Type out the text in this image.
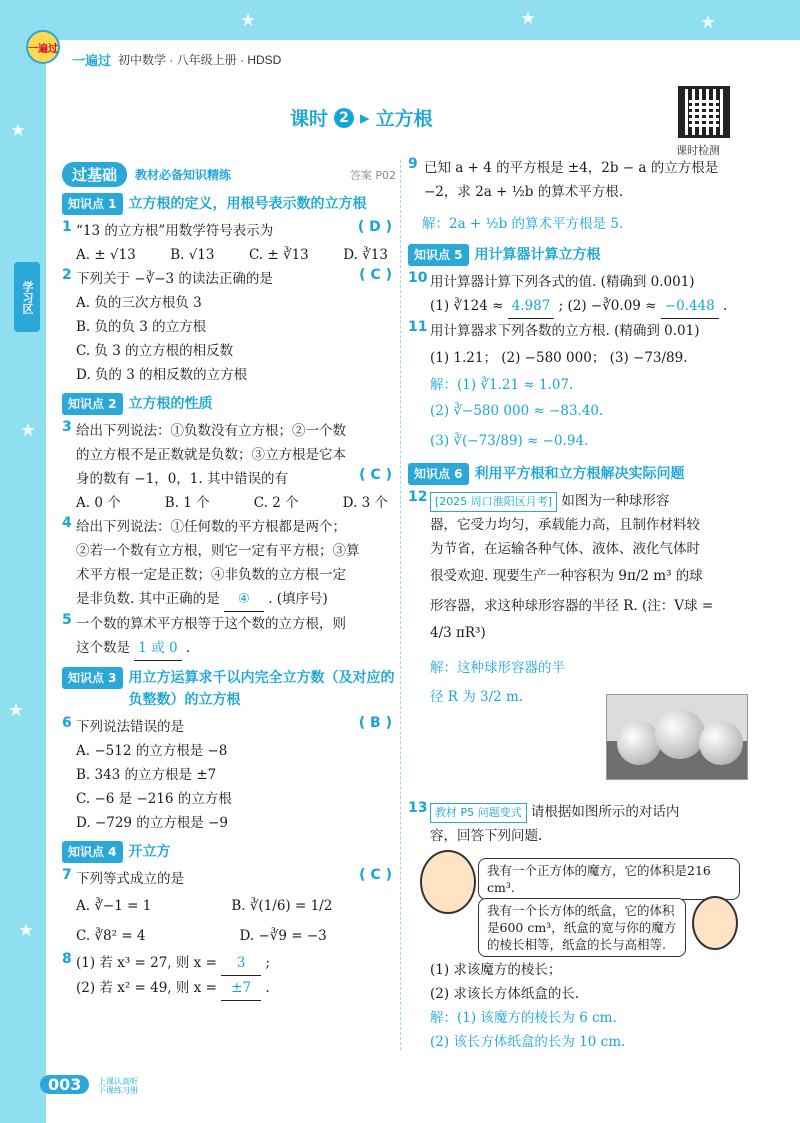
★
★
★
★
★	★	★
一遍过
一遍过 初中数学 · 八年级上册 · HDSD
学习区
课时 2 ▸ 立方根
课时检测
过基础	教材必备知识精练	答案 P02
知识点 1 立方根的定义，用根号表示数的立方根
1 “13 的立方根”用数学符号表示为	( D )
A. ± √13	B. √13	C. ± ∛13	D. ∛13
2 下列关于 −∛−3 的读法正确的是	( C )
A. 负的三次方根负 3
B. 负的负 3 的立方根
C. 负 3 的立方根的相反数
D. 负的 3 的相反数的立方根
知识点 2 立方根的性质
3 给出下列说法：①负数没有立方根；②一个数
的立方根不是正数就是负数；③立方根是它本
身的数有 −1，0，1. 其中错误的有	( C )
A. 0 个	B. 1 个	C. 2 个	D. 3 个
4 给出下列说法：①任何数的平方根都是两个；
②若一个数有立方根，则它一定有平方根；③算
术平方根一定是正数；④非负数的立方根一定
是非负数. 其中正确的是 ④ . (填序号)
5 一个数的算术平方根等于这个数的立方根，则
这个数是 1 或 0 .
知识点 3 用立方运算求千以内完全立方数（及对应的负整数）的立方根
6 下列说法错误的是	( B )
A. −512 的立方根是 −8
B. 343 的立方根是 ±7
C. −6 是 −216 的立方根
D. −729 的立方根是 −9
知识点 4 开立方
7 下列等式成立的是	( C )
A. ∛−1 = 1	B. ∛(1/6) = 1/2
C. ∛8² = 4	D. −∛9 = −3
8 (1) 若 x³ = 27, 则 x = 3 ;
(2) 若 x² = 49, 则 x = ±7 .
9 已知 a + 4 的平方根是 ±4，2b − a 的立方根是
−2，求 2a + ½b 的算术平方根.
解：2a + ½b 的算术平方根是 5.
知识点 5 用计算器计算立方根
10 用计算器计算下列各式的值. (精确到 0.001)
(1) ∛124 ≈ 4.987 ; (2) −∛0.09 ≈ −0.448 .
11 用计算器求下列各数的立方根. (精确到 0.01)
(1) 1.21； (2) −580 000； (3) −73/89.
解：(1) ∛1.21 ≈ 1.07.
(2) ∛−580 000 ≈ −83.40.
(3) ∛(−73/89) ≈ −0.94.
知识点 6 利用平方根和立方根解决实际问题
12 [2025 周口淮阳区月考] 如图为一种球形容
器，它受力均匀，承载能力高，且制作材料较
为节省，在运输各种气体、液体、液化气体时
很受欢迎. 现要生产一种容积为 9π/2 m³ 的球
形容器，求这种球形容器的半径 R. (注：V球 =
4/3 πR³)
解：这种球形容器的半
径 R 为 3/2 m.
13 教材 P5 问题变式 请根据如图所示的对话内
容，回答下列问题.
我有一个正方体的魔方，它的体积是216 cm³.
我有一个长方体的纸盒，它的体积是600 cm³，纸盒的宽与你的魔方的棱长相等，纸盒的长与高相等.
(1) 求该魔方的棱长；
(2) 求该长方体纸盒的长.
解：(1) 该魔方的棱长为 6 cm.
(2) 该长方体纸盒的长为 10 cm.
003	上课认真听 下课练习册
